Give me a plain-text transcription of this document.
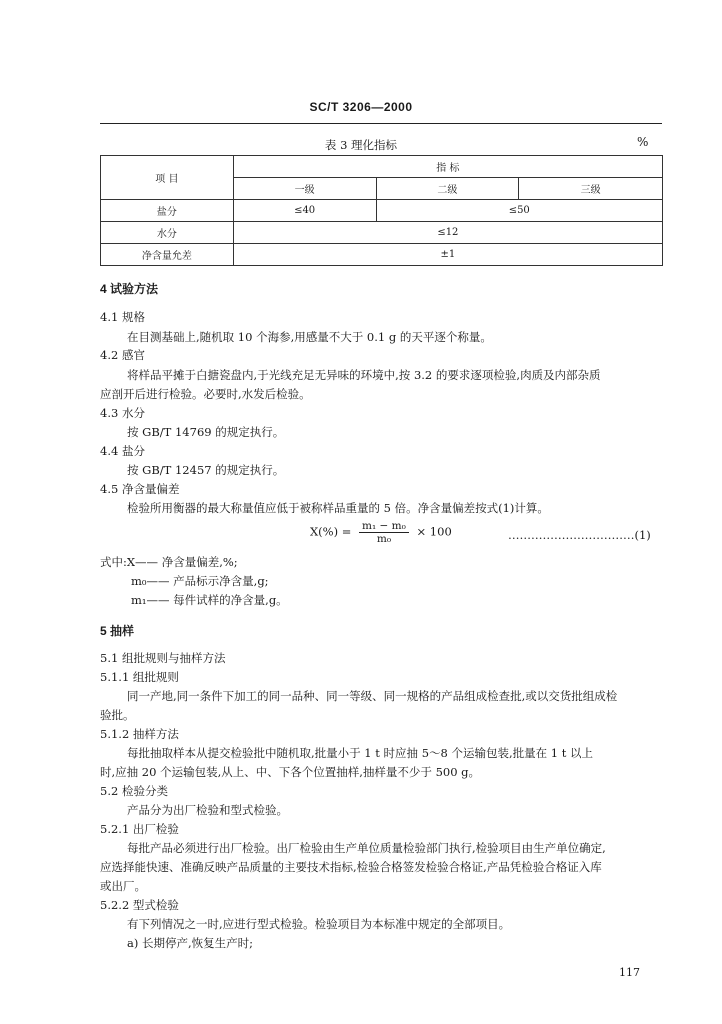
SC/T 3206—2000
表 3 理化指标	%
项 目	指 标		
	一级	二级	三级
盐分	≤40	≤50	
水分	≤12		
净含量允差	±1		
4 试验方法
4.1 规格
在目测基础上,随机取 10 个海参,用感量不大于 0.1 g 的天平逐个称量。
4.2 感官
将样品平摊于白搪瓷盘内,于光线充足无异味的环境中,按 3.2 的要求逐项检验,肉质及内部杂质
应剖开后进行检验。必要时,水发后检验。
4.3 水分
按 GB/T 14769 的规定执行。
4.4 盐分
按 GB/T 12457 的规定执行。
4.5 净含量偏差
检验所用衡器的最大称量值应低于被称样品重量的 5 倍。净含量偏差按式(1)计算。
$X(\%) = \frac{\text{m₁ − m₀}}{\text{m₀}} \times 100$	……………………………(1)
式中:X—— 净含量偏差,%;
m₀—— 产品标示净含量,g;
m₁—— 每件试样的净含量,g。
5 抽样
5.1 组批规则与抽样方法
5.1.1 组批规则
同一产地,同一条件下加工的同一品种、同一等级、同一规格的产品组成检查批,或以交货批组成检
验批。
5.1.2 抽样方法
每批抽取样本从提交检验批中随机取,批量小于 1 t 时应抽 5～8 个运输包装,批量在 1 t 以上
时,应抽 20 个运输包装,从上、中、下各个位置抽样,抽样量不少于 500 g。
5.2 检验分类
产品分为出厂检验和型式检验。
5.2.1 出厂检验
每批产品必须进行出厂检验。出厂检验由生产单位质量检验部门执行,检验项目由生产单位确定,
应选择能快速、准确反映产品质量的主要技术指标,检验合格签发检验合格证,产品凭检验合格证入库
或出厂。
5.2.2 型式检验
有下列情况之一时,应进行型式检验。检验项目为本标准中规定的全部项目。
a) 长期停产,恢复生产时;
117
